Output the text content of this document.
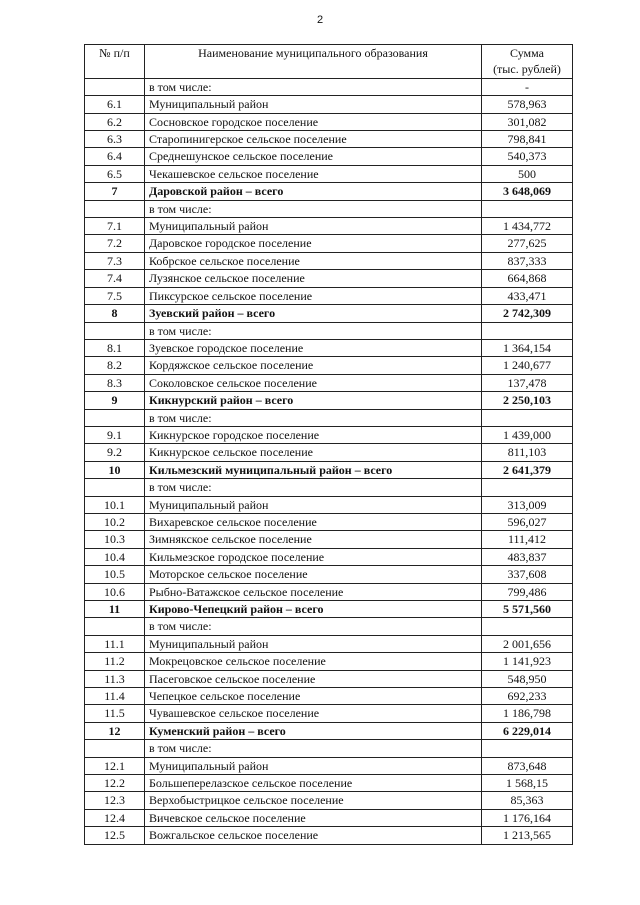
2
№ п/п	Наименование муниципального образования	Сумма
(тыс. рублей)

	в том числе:	-
6.1	Муниципальный район	578,963
6.2	Сосновское городское поселение	301,082
6.3	Старопинигерское сельское поселение	798,841
6.4	Среднешунское сельское поселение	540,373
6.5	Чекашевское сельское поселение	500
7	Даровской район – всего	3 648,069
	в том числе:	
7.1	Муниципальный район	1 434,772
7.2	Даровское городское поселение	277,625
7.3	Кобрское сельское поселение	837,333
7.4	Лузянское сельское поселение	664,868
7.5	Пиксурское сельское поселение	433,471
8	Зуевский район – всего	2 742,309
	в том числе:	
8.1	Зуевское городское поселение	1 364,154
8.2	Кордяжское сельское поселение	1 240,677
8.3	Соколовское сельское поселение	137,478
9	Кикнурский район – всего	2 250,103
	в том числе:	
9.1	Кикнурское городское поселение	1 439,000
9.2	Кикнурское сельское поселение	811,103
10	Кильмезский муниципальный район – всего	2 641,379
	в том числе:	
10.1	Муниципальный район	313,009
10.2	Вихаревское сельское поселение	596,027
10.3	Зимнякское сельское поселение	111,412
10.4	Кильмезское городское поселение	483,837
10.5	Моторское сельское поселение	337,608
10.6	Рыбно-Ватажское сельское поселение	799,486
11	Кирово-Чепецкий район – всего	5 571,560
	в том числе:	
11.1	Муниципальный район	2 001,656
11.2	Мокрецовское сельское поселение	1 141,923
11.3	Пасеговское сельское поселение	548,950
11.4	Чепецкое сельское поселение	692,233
11.5	Чувашевское сельское поселение	1 186,798
12	Куменский район – всего	6 229,014
	в том числе:	
12.1	Муниципальный район	873,648
12.2	Большеперелазское сельское поселение	1 568,15
12.3	Верхобыстрицкое сельское поселение	85,363
12.4	Вичевское сельское поселение	1 176,164
12.5	Вожгальское сельское поселение	1 213,565
